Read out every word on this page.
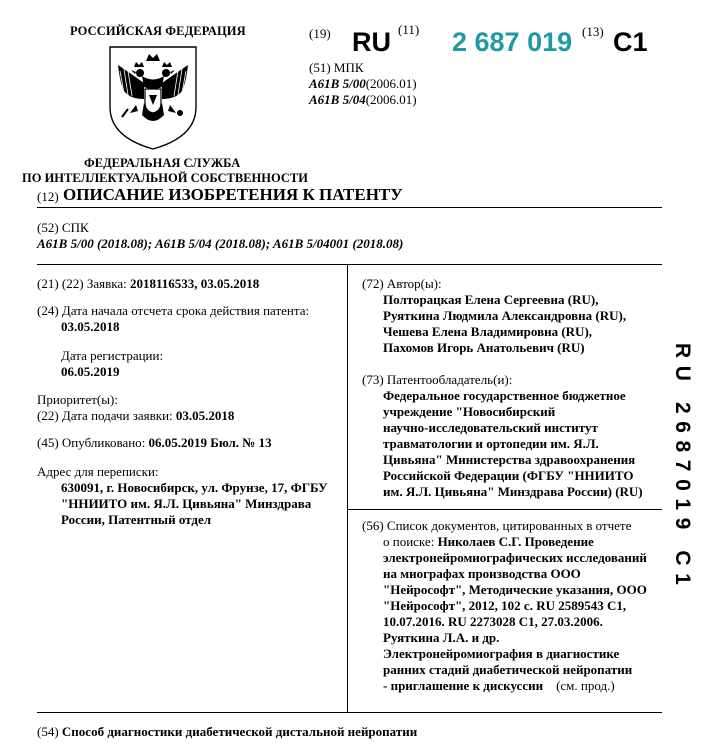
РОССИЙСКАЯ ФЕДЕРАЦИЯ
ФЕДЕРАЛЬНАЯ СЛУЖБА
ПО ИНТЕЛЛЕКТУАЛЬНОЙ СОБСТВЕННОСТИ
(19) RU (11) 2 687 019 (13) C1
(51) МПК
A61B 5/00(2006.01)
A61B 5/04(2006.01)
(12) ОПИСАНИЕ ИЗОБРЕТЕНИЯ К ПАТЕНТУ
(52) СПК
A61B 5/00 (2018.08); A61B 5/04 (2018.08); A61B 5/04001 (2018.08)
(21) (22) Заявка: 2018116533, 03.05.2018
(24) Дата начала отсчета срока действия патента:
03.05.2018
Дата регистрации:
06.05.2019
Приоритет(ы):
(22) Дата подачи заявки: 03.05.2018
(45) Опубликовано: 06.05.2019 Бюл. № 13
Адрес для переписки:
630091, г. Новосибирск, ул. Фрунзе, 17, ФГБУ
"ННИИТО им. Я.Л. Цивьяна" Минздрава
России, Патентный отдел
(72) Автор(ы):
Полторацкая Елена Сергеевна (RU),
Руяткина Людмила Александровна (RU),
Чешева Елена Владимировна (RU),
Пахомов Игорь Анатольевич (RU)
(73) Патентообладатель(и):
Федеральное государственное бюджетное
учреждение "Новосибирский
научно-исследовательский институт
травматологии и ортопедии им. Я.Л.
Цивьяна" Министерства здравоохранения
Российской Федерации (ФГБУ "ННИИТО
им. Я.Л. Цивьяна" Минздрава России) (RU)
(56) Список документов, цитированных в отчете
о поиске: Николаев С.Г. Проведение
электронейромиографических исследований
на миографах производства ООО
"Нейрософт", Методические указания, ООО
"Нейрософт", 2012, 102 с. RU 2589543 C1,
10.07.2016. RU 2273028 C1, 27.03.2006.
Руяткина Л.А. и др.
Электронейромиография в диагностике
ранних стадий диабетической нейропатии
- приглашение к дискуссии (см. прод.)
RU 2687019 C1
(54) Способ диагностики диабетической дистальной нейропатии
